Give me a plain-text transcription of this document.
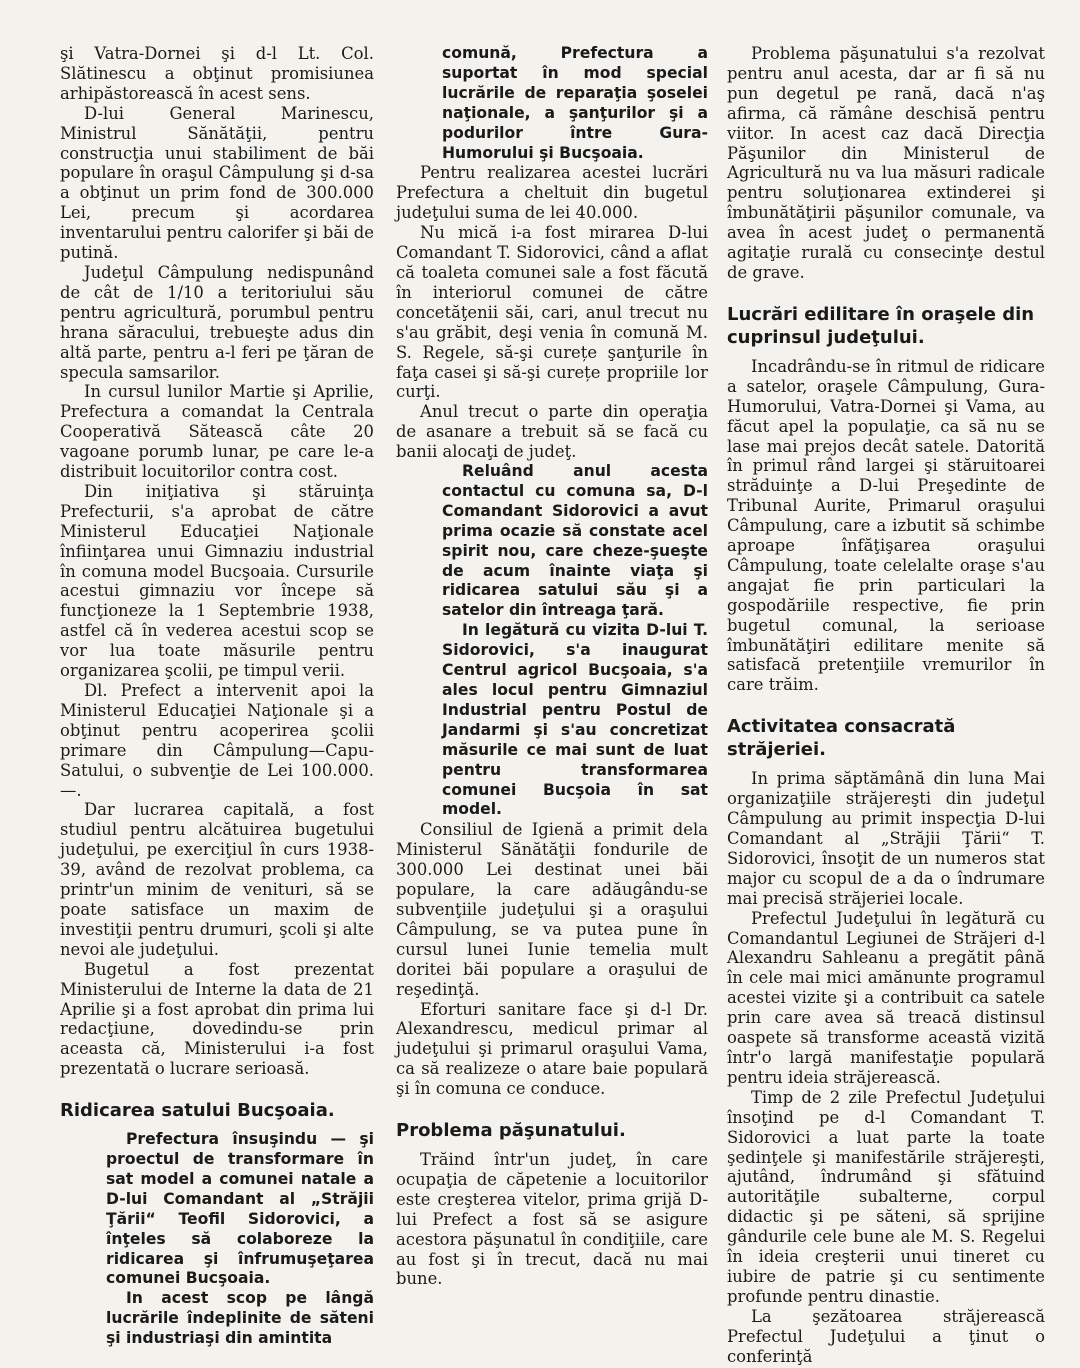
şi Vatra-Dornei şi d-l Lt. Col. Slătinescu a obţinut promisiunea arhipăstorească în acest sens.

D-lui General Marinescu, Ministrul Sănătăţii, pentru construcţia unui stabiliment de băi populare în oraşul Câmpulung şi d-sa a obţinut un prim fond de 300.000 Lei, precum şi acordarea inventarului pentru calorifer şi băi de putină.

Judeţul Câmpulung nedispunând de cât de 1/10 a teritoriului său pentru agricultură, porumbul pentru hrana săracului, trebueşte adus din altă parte, pentru a-l feri pe ţăran de specula samsarilor.

In cursul lunilor Martie şi Aprilie, Prefectura a comandat la Centrala Cooperativă Sătească câte 20 vagoane porumb lunar, pe care le-a distribuit locuitorilor contra cost.

Din iniţiativa şi stăruinţa Prefecturii, s'a aprobat de către Ministerul Educaţiei Naţionale înfiinţarea unui Gimnaziu industrial în comuna model Bucşoaia. Cursurile acestui gimnaziu vor începe să funcţioneze la 1 Septembrie 1938, astfel că în vederea acestui scop se vor lua toate măsurile pentru organizarea şcolii, pe timpul verii.

Dl. Prefect a intervenit apoi la Ministerul Educaţiei Naţionale şi a obţinut pentru acoperirea şcolii primare din Câmpulung—Capu-Satului, o subvenţie de Lei 100.000.—.

Dar lucrarea capitală, a fost studiul pentru alcătuirea bugetului judeţului, pe exerciţiul în curs 1938-39, având de rezolvat problema, ca printr'un minim de venituri, să se poate satisface un maxim de investiţii pentru drumuri, şcoli şi alte nevoi ale judeţului.

Bugetul a fost prezentat Ministerului de Interne la data de 21 Aprilie şi a fost aprobat din prima lui redacţiune, dovedindu-se prin aceasta că, Ministerului i-a fost prezentată o lucrare serioasă.

Ridicarea satului Bucşoaia.

Prefectura însuşindu — şi proectul de transformare în sat model a comunei natale a D-lui Comandant al „Străjii Ţării“ Teofil Sidorovici, a înţeles să colaboreze la ridicarea şi înfrumuşeţarea comunei Bucşoaia.

In acest scop pe lângă lucrările îndeplinite de săteni şi industriaşi din amintita

comună, Prefectura a suportat în mod special lucrările de reparaţia şoselei naţionale, a şanţurilor şi a podurilor între Gura-Humorului şi Bucşoaia.

Pentru realizarea acestei lucrări Prefectura a cheltuit din bugetul judeţului suma de lei 40.000.

Nu mică i-a fost mirarea D-lui Comandant T. Sidorovici, când a aflat că toaleta comunei sale a fost făcută în interiorul comunei de către concetăţenii săi, cari, anul trecut nu s'au grăbit, deşi venia în comună M. S. Regele, să-şi curețe şanţurile în faţa casei şi să-şi curețe propriile lor curţi.

Anul trecut o parte din operaţia de asanare a trebuit să se facă cu banii alocaţi de judeţ.

Reluând anul acesta contactul cu comuna sa, D-l Comandant Sidorovici a avut prima ocazie să constate acel spirit nou, care cheze-şueşte de acum înainte viaţa şi ridicarea satului său şi a satelor din întreaga ţară.

In legătură cu vizita D-lui T. Sidorovici, s'a inaugurat Centrul agricol Bucşoaia, s'a ales locul pentru Gimnaziul Industrial pentru Postul de Jandarmi şi s'au concretizat măsurile ce mai sunt de luat pentru transformarea comunei Bucşoia în sat model.

Consiliul de Igienă a primit dela Ministerul Sănătăţii fondurile de 300.000 Lei destinat unei băi populare, la care adăugându-se subvenţiile judeţului şi a oraşului Câmpulung, se va putea pune în cursul lunei Iunie temelia mult doritei băi populare a oraşului de reşedinţă.

Eforturi sanitare face şi d-l Dr. Alexandrescu, medicul primar al judeţului şi primarul oraşului Vama, ca să realizeze o atare baie populară şi în comuna ce conduce.

Problema păşunatului.

Trăind într'un judeţ, în care ocupaţia de căpetenie a locuitorilor este creşterea vitelor, prima grijă D-lui Prefect a fost să se asigure acestora păşunatul în condiţiile, care au fost şi în trecut, dacă nu mai bune.

Problema păşunatului s'a rezolvat pentru anul acesta, dar ar fi să nu pun degetul pe rană, dacă n'aş afirma, că rămâne deschisă pentru viitor. In acest caz dacă Direcţia Păşunilor din Ministerul de Agricultură nu va lua măsuri radicale pentru soluţionarea extinderei şi îmbunătăţirii păşunilor comunale, va avea în acest judeţ o permanentă agitaţie rurală cu consecinţe destul de grave.

Lucrări edilitare în oraşele din cuprinsul judeţului.

Incadrându-se în ritmul de ridicare a satelor, oraşele Câmpulung, Gura-Humorului, Vatra-Dornei şi Vama, au făcut apel la populaţie, ca să nu se lase mai prejos decât satele. Datorită în primul rând largei şi stăruitoarei străduinţe a D-lui Preşedinte de Tribunal Aurite, Primarul oraşului Câmpulung, care a izbutit să schimbe aproape înfăţişarea oraşului Câmpulung, toate celelalte oraşe s'au angajat fie prin particulari la gospodăriile respective, fie prin bugetul comunal, la serioase îmbunătăţiri edilitare menite să satisfacă pretenţiile vremurilor în care trăim.

Activitatea consacrată străjeriei.

In prima săptămână din luna Mai organizaţiile străjereşti din judeţul Câmpulung au primit inspecţia D-lui Comandant al „Străjii Ţării“ T. Sidorovici, însoţit de un numeros stat major cu scopul de a da o îndrumare mai precisă străjeriei locale.

Prefectul Judeţului în legătură cu Comandantul Legiunei de Străjeri d-l Alexandru Sahleanu a pregătit până în cele mai mici amănunte programul acestei vizite şi a contribuit ca satele prin care avea să treacă distinsul oaspete să transforme această vizită într'o largă manifestaţie populară pentru ideia străjerească.

Timp de 2 zile Prefectul Judeţului însoţind pe d-l Comandant T. Sidorovici a luat parte la toate şedinţele şi manifestările străjereşti, ajutând, îndrumând şi sfătuind autorităţile subalterne, corpul didactic şi pe săteni, să sprijine gândurile cele bune ale M. S. Regelui în ideia creşterii unui tineret cu iubire de patrie şi cu sentimente profunde pentru dinastie.

La şezătoarea străjerească Prefectul Judeţului a ţinut o conferinţă
